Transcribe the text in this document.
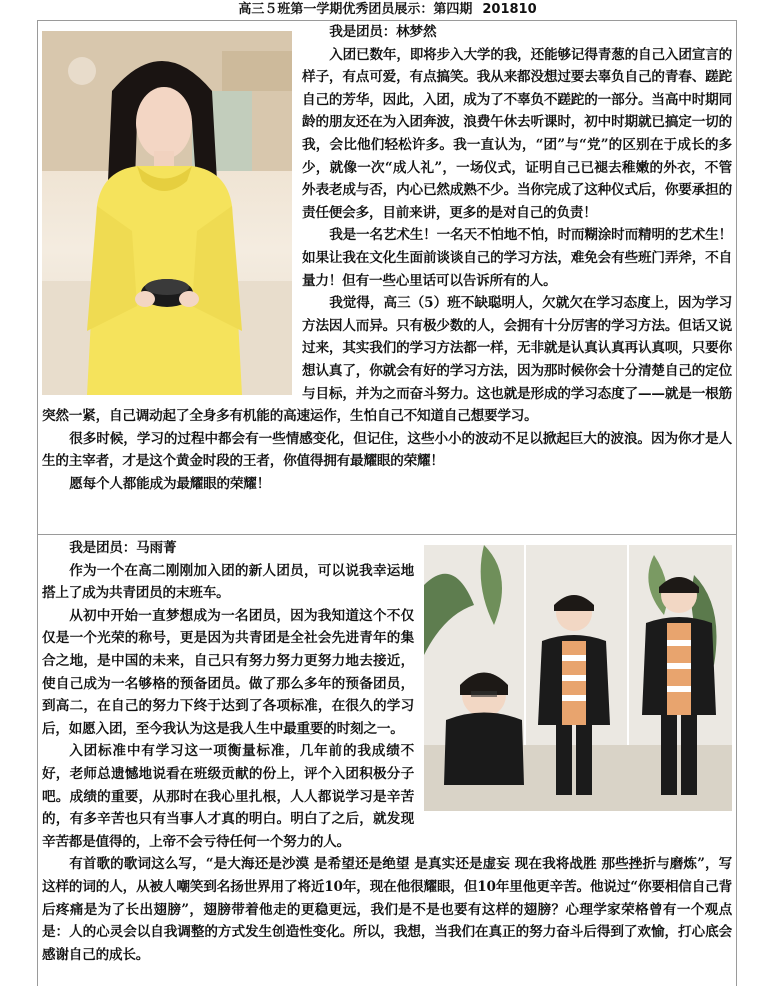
高三５班第一学期优秀团员展示：第四期 201810

我是团员：林梦然

入团已数年，即将步入大学的我，还能够记得青葱的自己入团宣言的样子，有点可爱，有点搞笑。我从来都没想过要去辜负自己的青春、蹉跎自己的芳华，因此，入团，成为了不辜负不蹉跎的一部分。当高中时期同龄的朋友还在为入团奔波，浪费午休去听课时，初中时期就已搞定一切的我，会比他们轻松许多。我一直认为，“团”与“党”的区别在于成长的多少，就像一次“成人礼”，一场仪式，证明自己已褪去稚嫩的外衣，不管外表老成与否，内心已然成熟不少。当你完成了这种仪式后，你要承担的责任便会多，目前来讲，更多的是对自己的负责！

我是一名艺术生！一名天不怕地不怕，时而糊涂时而精明的艺术生！如果让我在文化生面前谈谈自己的学习方法，难免会有些班门弄斧，不自量力！但有一些心里话可以告诉所有的人。

我觉得，高三（5）班不缺聪明人，欠就欠在学习态度上，因为学习方法因人而异。只有极少数的人，会拥有十分厉害的学习方法。但话又说过来，其实我们的学习方法都一样，无非就是认真认真再认真呗，只要你想认真了，你就会有好的学习方法，因为那时候你会十分清楚自己的定位与目标，并为之而奋斗努力。这也就是形成的学习态度了——就是一根筋突然一紧，自己调动起了全身多有机能的高速运作，生怕自己不知道自己想要学习。

很多时候，学习的过程中都会有一些情感变化，但记住，这些小小的波动不足以掀起巨大的波浪。因为你才是人生的主宰者，才是这个黄金时段的王者，你值得拥有最耀眼的荣耀！

愿每个人都能成为最耀眼的荣耀！

我是团员：马雨菁

作为一个在高二刚刚加入团的新人团员，可以说我幸运地搭上了成为共青团员的末班车。

从初中开始一直梦想成为一名团员，因为我知道这个不仅仅是一个光荣的称号，更是因为共青团是全社会先进青年的集合之地，是中国的未来，自己只有努力努力更努力地去接近，使自己成为一名够格的预备团员。做了那么多年的预备团员，到高二，在自己的努力下终于达到了各项标准，在很久的学习后，如愿入团，至今我认为这是我人生中最重要的时刻之一。

入团标准中有学习这一项衡量标准，几年前的我成绩不好，老师总遗憾地说看在班级贡献的份上，评个入团积极分子吧。成绩的重要，从那时在我心里扎根，人人都说学习是辛苦的，有多辛苦也只有当事人才真的明白。明白了之后，就发现辛苦都是值得的，上帝不会亏待任何一个努力的人。

有首歌的歌词这么写，“是大海还是沙漠 是希望还是绝望 是真实还是虚妄 现在我将战胜 那些挫折与磨炼”，写这样的词的人，从被人嘲笑到名扬世界用了将近10年，现在他很耀眼，但10年里他更辛苦。他说过“你要相信自己背后疼痛是为了长出翅膀”，翅膀带着他走的更稳更远，我们是不是也要有这样的翅膀？心理学家荣格曾有一个观点是：人的心灵会以自我调整的方式发生创造性变化。所以，我想，当我们在真正的努力奋斗后得到了欢愉，打心底会感谢自己的成长。
